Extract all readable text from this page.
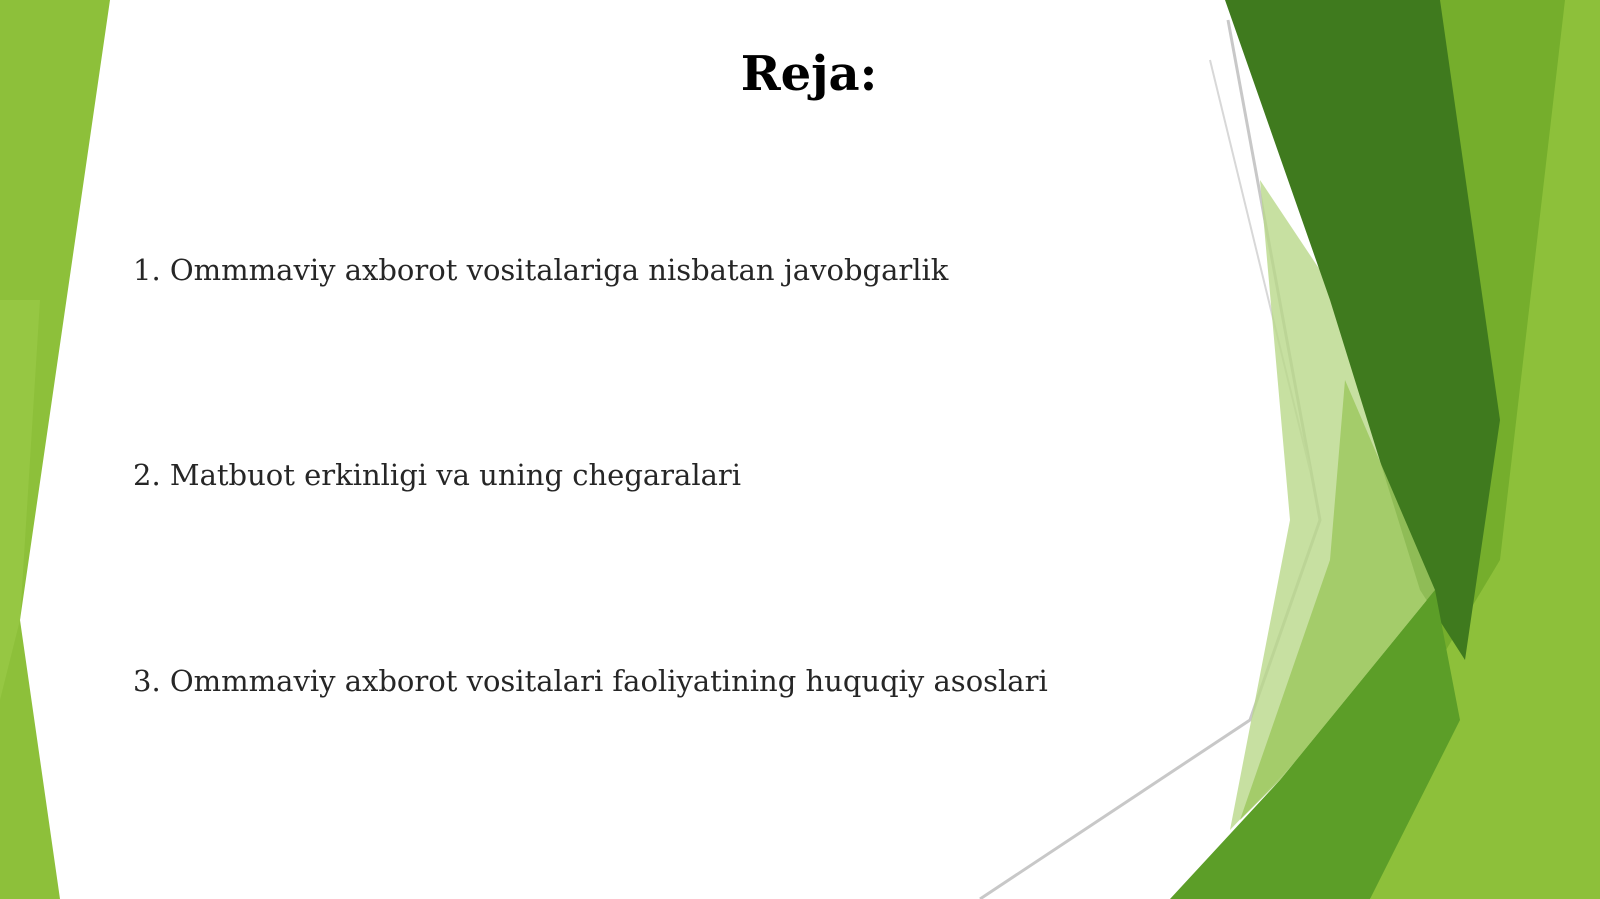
Reja:
1. Ommmaviy axborot vositalariga nisbatan javobgarlik
2. Matbuot erkinligi va uning chegaralari
3. Ommmaviy axborot vositalari faoliyatining huquqiy asoslari
